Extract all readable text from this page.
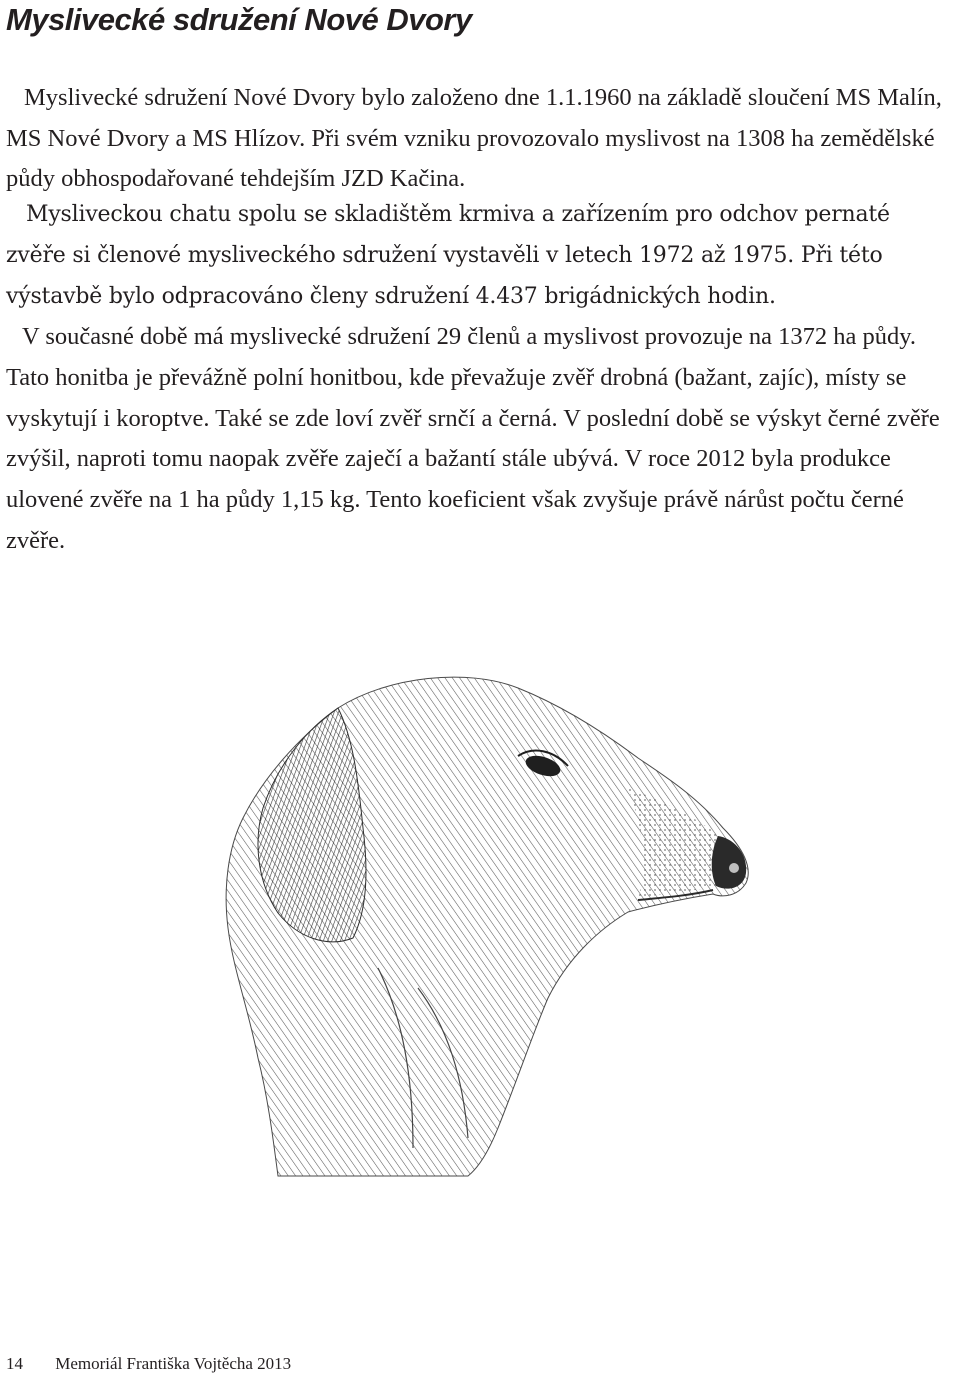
Myslivecké sdružení Nové Dvory

Myslivecké sdružení Nové Dvory bylo založeno dne 1.1.1960 na základě sloučení MS Malín, MS Nové Dvory a MS Hlízov. Při svém vzniku provozovalo myslivost na 1308 ha zemědělské půdy obhospodařované tehdejším JZD Kačina.

Mysliveckou chatu spolu se skladištěm krmiva a zařízením pro odchov pernaté zvěře si členové mysliveckého sdružení vystavěli v letech 1972 až 1975. Při této výstavbě bylo odpracováno členy sdružení 4.437 brigádnických hodin.

V současné době má myslivecké sdružení 29 členů a myslivost provozuje na 1372 ha půdy. Tato honitba je převážně polní honitbou, kde převažuje zvěř drobná (bažant, zajíc), místy se vyskytují i koroptve. Také se zde loví zvěř srnčí a černá. V poslední době se výskyt černé zvěře zvýšil, naproti tomu naopak zvěře zaječí a bažantí stále ubývá. V roce 2012 byla produkce ulovené zvěře na 1 ha půdy 1,15 kg. Tento koeficient však zvyšuje právě nárůst počtu černé zvěře.

14 Memoriál Františka Vojtěcha 2013
